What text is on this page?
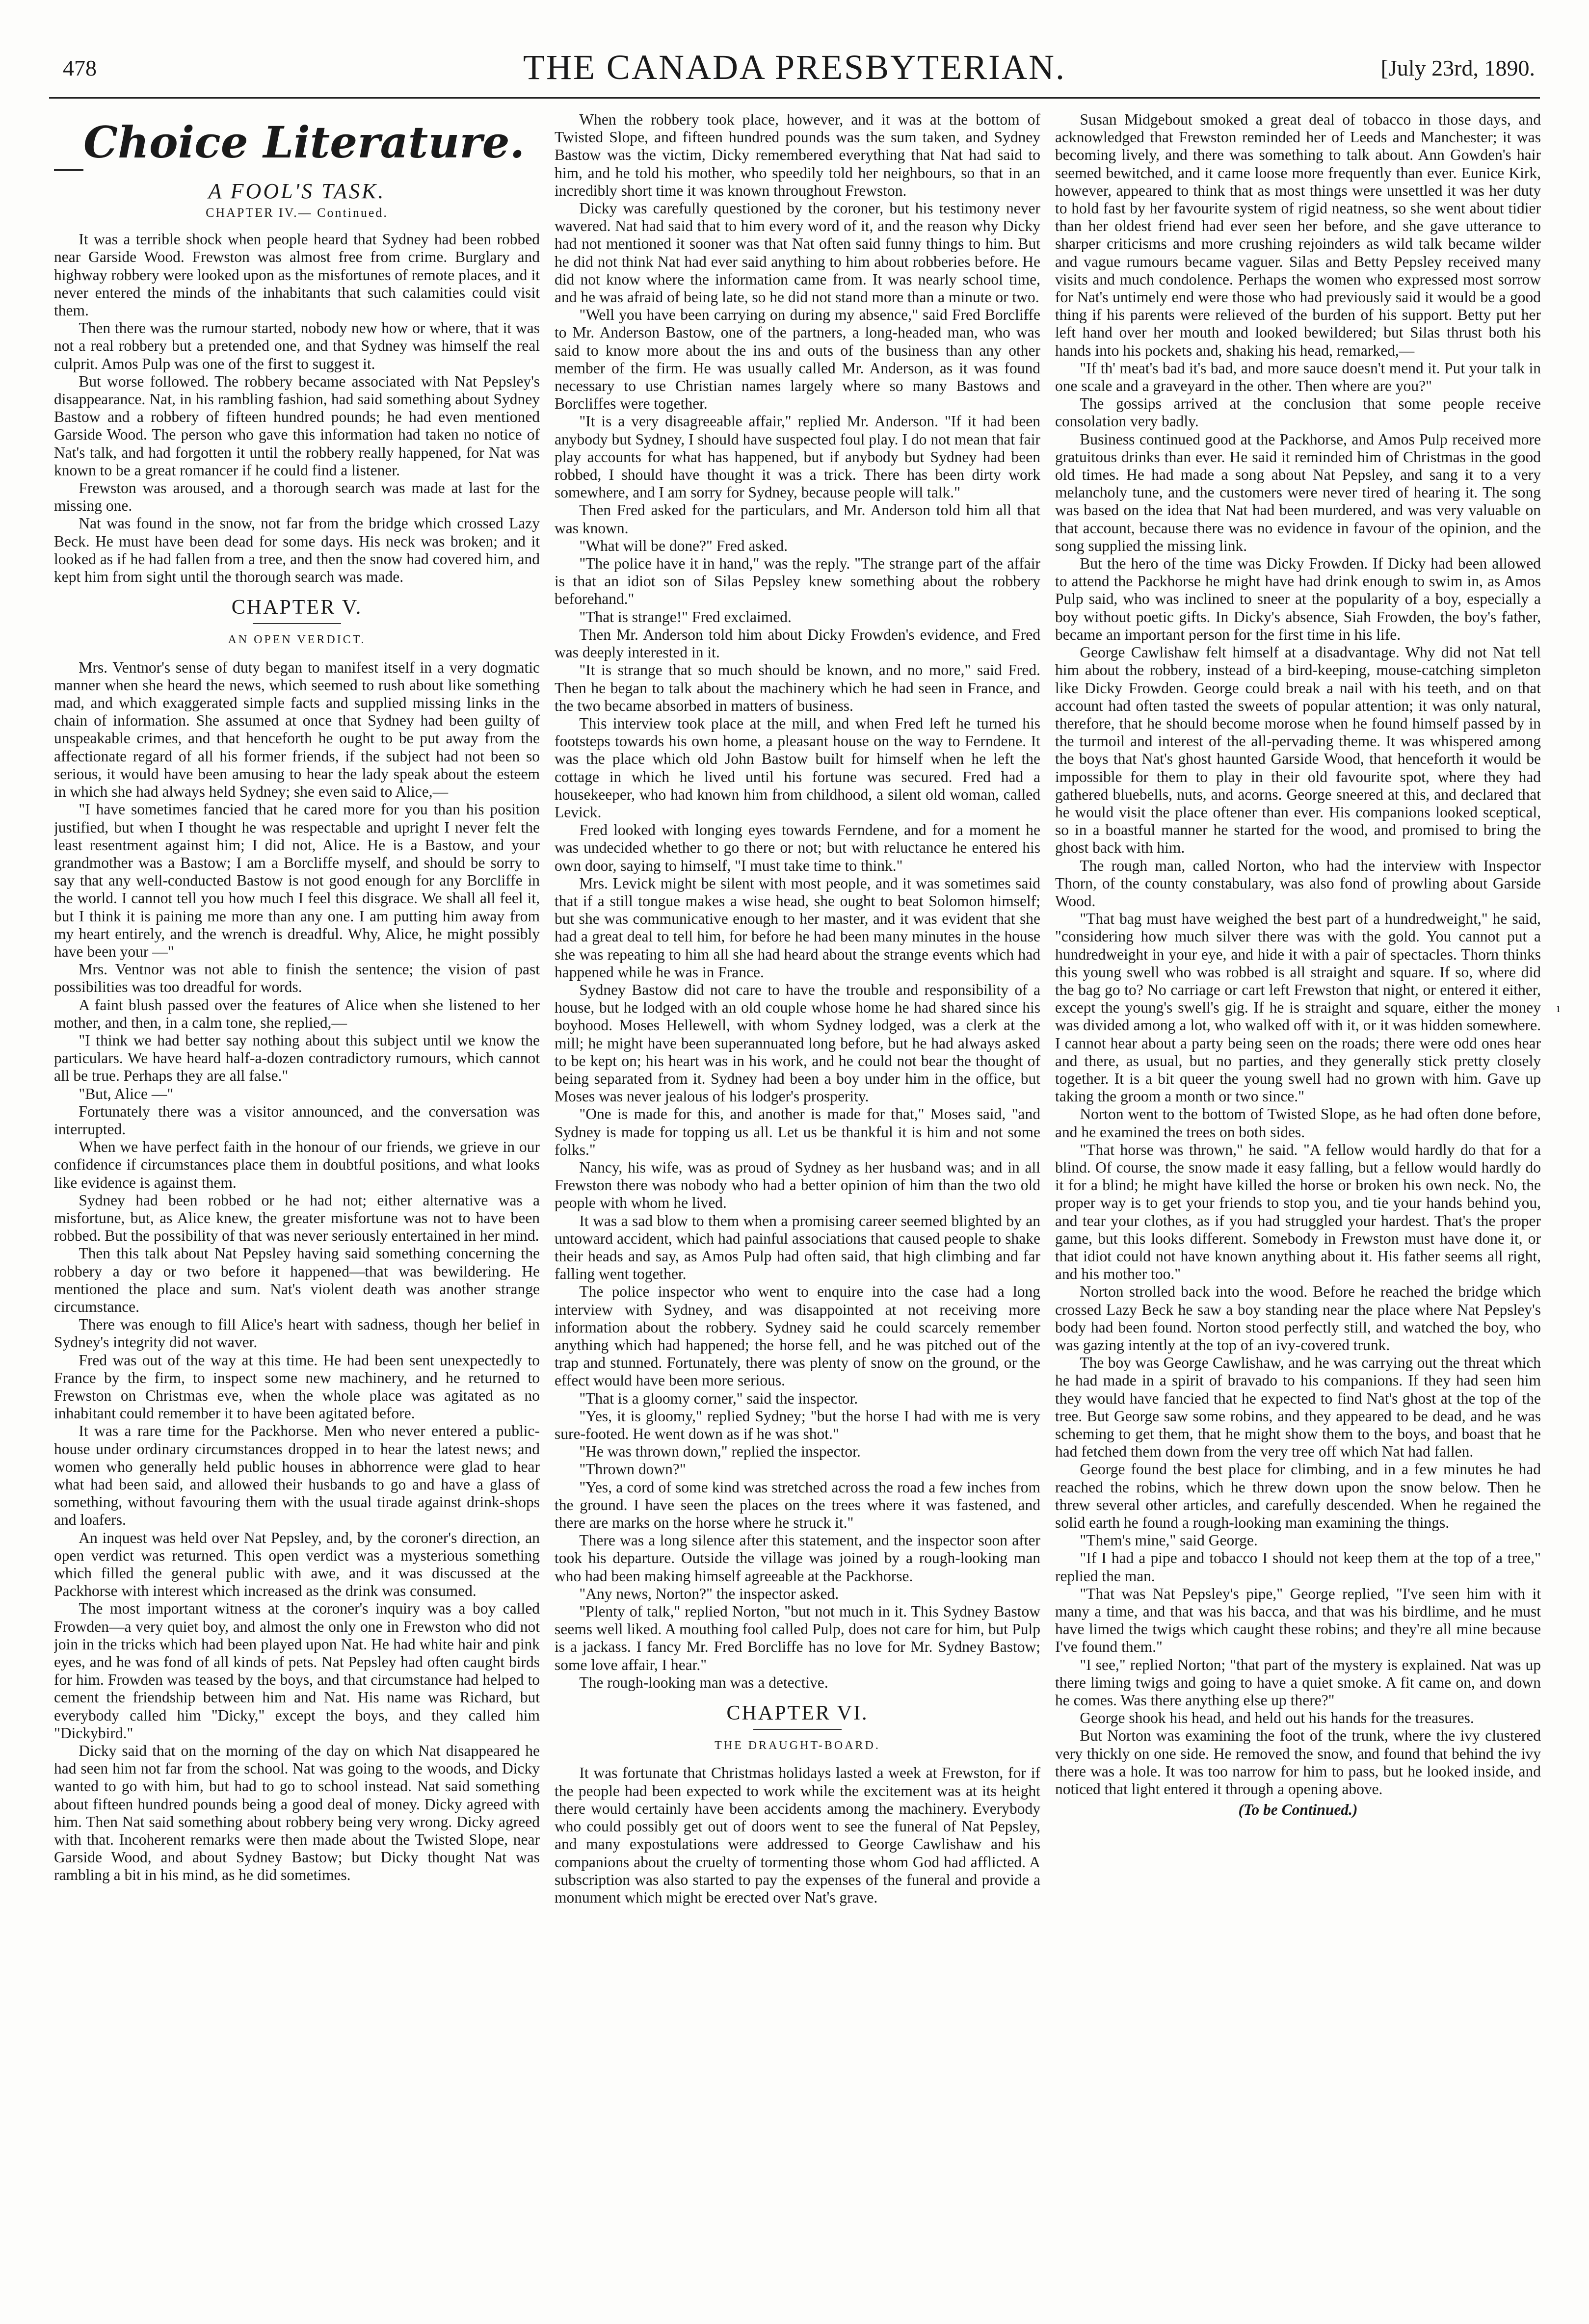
478	THE CANADA PRESBYTERIAN.	[July 23rd, 1890.
Choice Literature.
A FOOL'S TASK.
CHAPTER IV.— Continued.

It was a terrible shock when people heard that Sydney had been robbed near Garside Wood. Frewston was almost free from crime. Burglary and highway robbery were looked upon as the misfortunes of remote places, and it never entered the minds of the inhabitants that such calamities could visit them.

Then there was the rumour started, nobody new how or where, that it was not a real robbery but a pretended one, and that Sydney was himself the real culprit. Amos Pulp was one of the first to suggest it.

But worse followed. The robbery became associated with Nat Pepsley's disappearance. Nat, in his rambling fashion, had said something about Sydney Bastow and a robbery of fifteen hundred pounds; he had even mentioned Garside Wood. The person who gave this information had taken no notice of Nat's talk, and had forgotten it until the robbery really happened, for Nat was known to be a great romancer if he could find a listener.

Frewston was aroused, and a thorough search was made at last for the missing one.

Nat was found in the snow, not far from the bridge which crossed Lazy Beck. He must have been dead for some days. His neck was broken; and it looked as if he had fallen from a tree, and then the snow had covered him, and kept him from sight until the thorough search was made.

CHAPTER V.
AN OPEN VERDICT.

Mrs. Ventnor's sense of duty began to manifest itself in a very dogmatic manner when she heard the news, which seemed to rush about like something mad, and which exaggerated simple facts and supplied missing links in the chain of information. She assumed at once that Sydney had been guilty of unspeakable crimes, and that henceforth he ought to be put away from the affectionate regard of all his former friends, if the subject had not been so serious, it would have been amusing to hear the lady speak about the esteem in which she had always held Sydney; she even said to Alice,—

"I have sometimes fancied that he cared more for you than his position justified, but when I thought he was respectable and upright I never felt the least resentment against him; I did not, Alice. He is a Bastow, and your grandmother was a Bastow; I am a Borcliffe myself, and should be sorry to say that any well-conducted Bastow is not good enough for any Borcliffe in the world. I cannot tell you how much I feel this disgrace. We shall all feel it, but I think it is paining me more than any one. I am putting him away from my heart entirely, and the wrench is dreadful. Why, Alice, he might possibly have been your —"

Mrs. Ventnor was not able to finish the sentence; the vision of past possibilities was too dreadful for words.

A faint blush passed over the features of Alice when she listened to her mother, and then, in a calm tone, she replied,—

"I think we had better say nothing about this subject until we know the particulars. We have heard half-a-dozen contradictory rumours, which cannot all be true. Perhaps they are all false."

"But, Alice —"

Fortunately there was a visitor announced, and the conversation was interrupted.

When we have perfect faith in the honour of our friends, we grieve in our confidence if circumstances place them in doubtful positions, and what looks like evidence is against them.

Sydney had been robbed or he had not; either alternative was a misfortune, but, as Alice knew, the greater misfortune was not to have been robbed. But the possibility of that was never seriously entertained in her mind.

Then this talk about Nat Pepsley having said something concerning the robbery a day or two before it happened—that was bewildering. He mentioned the place and sum. Nat's violent death was another strange circumstance.

There was enough to fill Alice's heart with sadness, though her belief in Sydney's integrity did not waver.

Fred was out of the way at this time. He had been sent unexpectedly to France by the firm, to inspect some new machinery, and he returned to Frewston on Christmas eve, when the whole place was agitated as no inhabitant could remember it to have been agitated before.

It was a rare time for the Packhorse. Men who never entered a public-house under ordinary circumstances dropped in to hear the latest news; and women who generally held public houses in abhorrence were glad to hear what had been said, and allowed their husbands to go and have a glass of something, without favouring them with the usual tirade against drink-shops and loafers.

An inquest was held over Nat Pepsley, and, by the coroner's direction, an open verdict was returned. This open verdict was a mysterious something which filled the general public with awe, and it was discussed at the Packhorse with interest which increased as the drink was consumed.

The most important witness at the coroner's inquiry was a boy called Frowden—a very quiet boy, and almost the only one in Frewston who did not join in the tricks which had been played upon Nat. He had white hair and pink eyes, and he was fond of all kinds of pets. Nat Pepsley had often caught birds for him. Frowden was teased by the boys, and that circumstance had helped to cement the friendship between him and Nat. His name was Richard, but everybody called him "Dicky," except the boys, and they called him "Dickybird."

Dicky said that on the morning of the day on which Nat disappeared he had seen him not far from the school. Nat was going to the woods, and Dicky wanted to go with him, but had to go to school instead. Nat said something about fifteen hundred pounds being a good deal of money. Dicky agreed with him. Then Nat said something about robbery being very wrong. Dicky agreed with that. Incoherent remarks were then made about the Twisted Slope, near Garside Wood, and about Sydney Bastow; but Dicky thought Nat was rambling a bit in his mind, as he did sometimes.

When the robbery took place, however, and it was at the bottom of Twisted Slope, and fifteen hundred pounds was the sum taken, and Sydney Bastow was the victim, Dicky remembered everything that Nat had said to him, and he told his mother, who speedily told her neighbours, so that in an incredibly short time it was known throughout Frewston.

Dicky was carefully questioned by the coroner, but his testimony never wavered. Nat had said that to him every word of it, and the reason why Dicky had not mentioned it sooner was that Nat often said funny things to him. But he did not think Nat had ever said anything to him about robberies before. He did not know where the information came from. It was nearly school time, and he was afraid of being late, so he did not stand more than a minute or two.

"Well you have been carrying on during my absence," said Fred Borcliffe to Mr. Anderson Bastow, one of the partners, a long-headed man, who was said to know more about the ins and outs of the business than any other member of the firm. He was usually called Mr. Anderson, as it was found necessary to use Christian names largely where so many Bastows and Borcliffes were together.

"It is a very disagreeable affair," replied Mr. Anderson. "If it had been anybody but Sydney, I should have suspected foul play. I do not mean that fair play accounts for what has happened, but if anybody but Sydney had been robbed, I should have thought it was a trick. There has been dirty work somewhere, and I am sorry for Sydney, because people will talk."

Then Fred asked for the particulars, and Mr. Anderson told him all that was known.

"What will be done?" Fred asked.

"The police have it in hand," was the reply. "The strange part of the affair is that an idiot son of Silas Pepsley knew something about the robbery beforehand."

"That is strange!" Fred exclaimed.

Then Mr. Anderson told him about Dicky Frowden's evidence, and Fred was deeply interested in it.

"It is strange that so much should be known, and no more," said Fred. Then he began to talk about the machinery which he had seen in France, and the two became absorbed in matters of business.

This interview took place at the mill, and when Fred left he turned his footsteps towards his own home, a pleasant house on the way to Ferndene. It was the place which old John Bastow built for himself when he left the cottage in which he lived until his fortune was secured. Fred had a housekeeper, who had known him from childhood, a silent old woman, called Levick.

Fred looked with longing eyes towards Ferndene, and for a moment he was undecided whether to go there or not; but with reluctance he entered his own door, saying to himself, "I must take time to think."

Mrs. Levick might be silent with most people, and it was sometimes said that if a still tongue makes a wise head, she ought to beat Solomon himself; but she was communicative enough to her master, and it was evident that she had a great deal to tell him, for before he had been many minutes in the house she was repeating to him all she had heard about the strange events which had happened while he was in France.

Sydney Bastow did not care to have the trouble and responsibility of a house, but he lodged with an old couple whose home he had shared since his boyhood. Moses Hellewell, with whom Sydney lodged, was a clerk at the mill; he might have been superannuated long before, but he had always asked to be kept on; his heart was in his work, and he could not bear the thought of being separated from it. Sydney had been a boy under him in the office, but Moses was never jealous of his lodger's prosperity.

"One is made for this, and another is made for that," Moses said, "and Sydney is made for topping us all. Let us be thankful it is him and not some folks."

Nancy, his wife, was as proud of Sydney as her husband was; and in all Frewston there was nobody who had a better opinion of him than the two old people with whom he lived.

It was a sad blow to them when a promising career seemed blighted by an untoward accident, which had painful associations that caused people to shake their heads and say, as Amos Pulp had often said, that high climbing and far falling went together.

The police inspector who went to enquire into the case had a long interview with Sydney, and was disappointed at not receiving more information about the robbery. Sydney said he could scarcely remember anything which had happened; the horse fell, and he was pitched out of the trap and stunned. Fortunately, there was plenty of snow on the ground, or the effect would have been more serious.

"That is a gloomy corner," said the inspector.

"Yes, it is gloomy," replied Sydney; "but the horse I had with me is very sure-footed. He went down as if he was shot."

"He was thrown down," replied the inspector.

"Thrown down?"

"Yes, a cord of some kind was stretched across the road a few inches from the ground. I have seen the places on the trees where it was fastened, and there are marks on the horse where he struck it."

There was a long silence after this statement, and the inspector soon after took his departure. Outside the village was joined by a rough-looking man who had been making himself agreeable at the Packhorse.

"Any news, Norton?" the inspector asked.

"Plenty of talk," replied Norton, "but not much in it. This Sydney Bastow seems well liked. A mouthing fool called Pulp, does not care for him, but Pulp is a jackass. I fancy Mr. Fred Borcliffe has no love for Mr. Sydney Bastow; some love affair, I hear."

The rough-looking man was a detective.

CHAPTER VI.
THE DRAUGHT-BOARD.

It was fortunate that Christmas holidays lasted a week at Frewston, for if the people had been expected to work while the excitement was at its height there would certainly have been accidents among the machinery. Everybody who could possibly get out of doors went to see the funeral of Nat Pepsley, and many expostulations were addressed to George Cawlishaw and his companions about the cruelty of tormenting those whom God had afflicted. A subscription was also started to pay the expenses of the funeral and provide a monument which might be erected over Nat's grave.

Susan Midgebout smoked a great deal of tobacco in those days, and acknowledged that Frewston reminded her of Leeds and Manchester; it was becoming lively, and there was something to talk about. Ann Gowden's hair seemed bewitched, and it came loose more frequently than ever. Eunice Kirk, however, appeared to think that as most things were unsettled it was her duty to hold fast by her favourite system of rigid neatness, so she went about tidier than her oldest friend had ever seen her before, and she gave utterance to sharper criticisms and more crushing rejoinders as wild talk became wilder and vague rumours became vaguer. Silas and Betty Pepsley received many visits and much condolence. Perhaps the women who expressed most sorrow for Nat's untimely end were those who had previously said it would be a good thing if his parents were relieved of the burden of his support. Betty put her left hand over her mouth and looked bewildered; but Silas thrust both his hands into his pockets and, shaking his head, remarked,—

"If th' meat's bad it's bad, and more sauce doesn't mend it. Put your talk in one scale and a graveyard in the other. Then where are you?"

The gossips arrived at the conclusion that some people receive consolation very badly.

Business continued good at the Packhorse, and Amos Pulp received more gratuitous drinks than ever. He said it reminded him of Christmas in the good old times. He had made a song about Nat Pepsley, and sang it to a very melancholy tune, and the customers were never tired of hearing it. The song was based on the idea that Nat had been murdered, and was very valuable on that account, because there was no evidence in favour of the opinion, and the song supplied the missing link.

But the hero of the time was Dicky Frowden. If Dicky had been allowed to attend the Packhorse he might have had drink enough to swim in, as Amos Pulp said, who was inclined to sneer at the popularity of a boy, especially a boy without poetic gifts. In Dicky's absence, Siah Frowden, the boy's father, became an important person for the first time in his life.

George Cawlishaw felt himself at a disadvantage. Why did not Nat tell him about the robbery, instead of a bird-keeping, mouse-catching simpleton like Dicky Frowden. George could break a nail with his teeth, and on that account had often tasted the sweets of popular attention; it was only natural, therefore, that he should become morose when he found himself passed by in the turmoil and interest of the all-pervading theme. It was whispered among the boys that Nat's ghost haunted Garside Wood, that henceforth it would be impossible for them to play in their old favourite spot, where they had gathered bluebells, nuts, and acorns. George sneered at this, and declared that he would visit the place oftener than ever. His companions looked sceptical, so in a boastful manner he started for the wood, and promised to bring the ghost back with him.

The rough man, called Norton, who had the interview with Inspector Thorn, of the county constabulary, was also fond of prowling about Garside Wood.

"That bag must have weighed the best part of a hundredweight," he said, "considering how much silver there was with the gold. You cannot put a hundredweight in your eye, and hide it with a pair of spectacles. Thorn thinks this young swell who was robbed is all straight and square. If so, where did the bag go to? No carriage or cart left Frewston that night, or entered it either, except the young's swell's gig. If he is straight and square, either the money was divided among a lot, who walked off with it, or it was hidden somewhere. I cannot hear about a party being seen on the roads; there were odd ones hear and there, as usual, but no parties, and they generally stick pretty closely together. It is a bit queer the young swell had no grown with him. Gave up taking the groom a month or two since."

Norton went to the bottom of Twisted Slope, as he had often done before, and he examined the trees on both sides.

"That horse was thrown," he said. "A fellow would hardly do that for a blind. Of course, the snow made it easy falling, but a fellow would hardly do it for a blind; he might have killed the horse or broken his own neck. No, the proper way is to get your friends to stop you, and tie your hands behind you, and tear your clothes, as if you had struggled your hardest. That's the proper game, but this looks different. Somebody in Frewston must have done it, or that idiot could not have known anything about it. His father seems all right, and his mother too."

Norton strolled back into the wood. Before he reached the bridge which crossed Lazy Beck he saw a boy standing near the place where Nat Pepsley's body had been found. Norton stood perfectly still, and watched the boy, who was gazing intently at the top of an ivy-covered trunk.

The boy was George Cawlishaw, and he was carrying out the threat which he had made in a spirit of bravado to his companions. If they had seen him they would have fancied that he expected to find Nat's ghost at the top of the tree. But George saw some robins, and they appeared to be dead, and he was scheming to get them, that he might show them to the boys, and boast that he had fetched them down from the very tree off which Nat had fallen.

George found the best place for climbing, and in a few minutes he had reached the robins, which he threw down upon the snow below. Then he threw several other articles, and carefully descended. When he regained the solid earth he found a rough-looking man examining the things.

"Them's mine," said George.

"If I had a pipe and tobacco I should not keep them at the top of a tree," replied the man.

"That was Nat Pepsley's pipe," George replied, "I've seen him with it many a time, and that was his bacca, and that was his birdlime, and he must have limed the twigs which caught these robins; and they're all mine because I've found them."

"I see," replied Norton; "that part of the mystery is explained. Nat was up there liming twigs and going to have a quiet smoke. A fit came on, and down he comes. Was there anything else up there?"

George shook his head, and held out his hands for the treasures.

But Norton was examining the foot of the trunk, where the ivy clustered very thickly on one side. He removed the snow, and found that behind the ivy there was a hole. It was too narrow for him to pass, but he looked inside, and noticed that light entered it through a opening above.

(To be Continued.)
ı
